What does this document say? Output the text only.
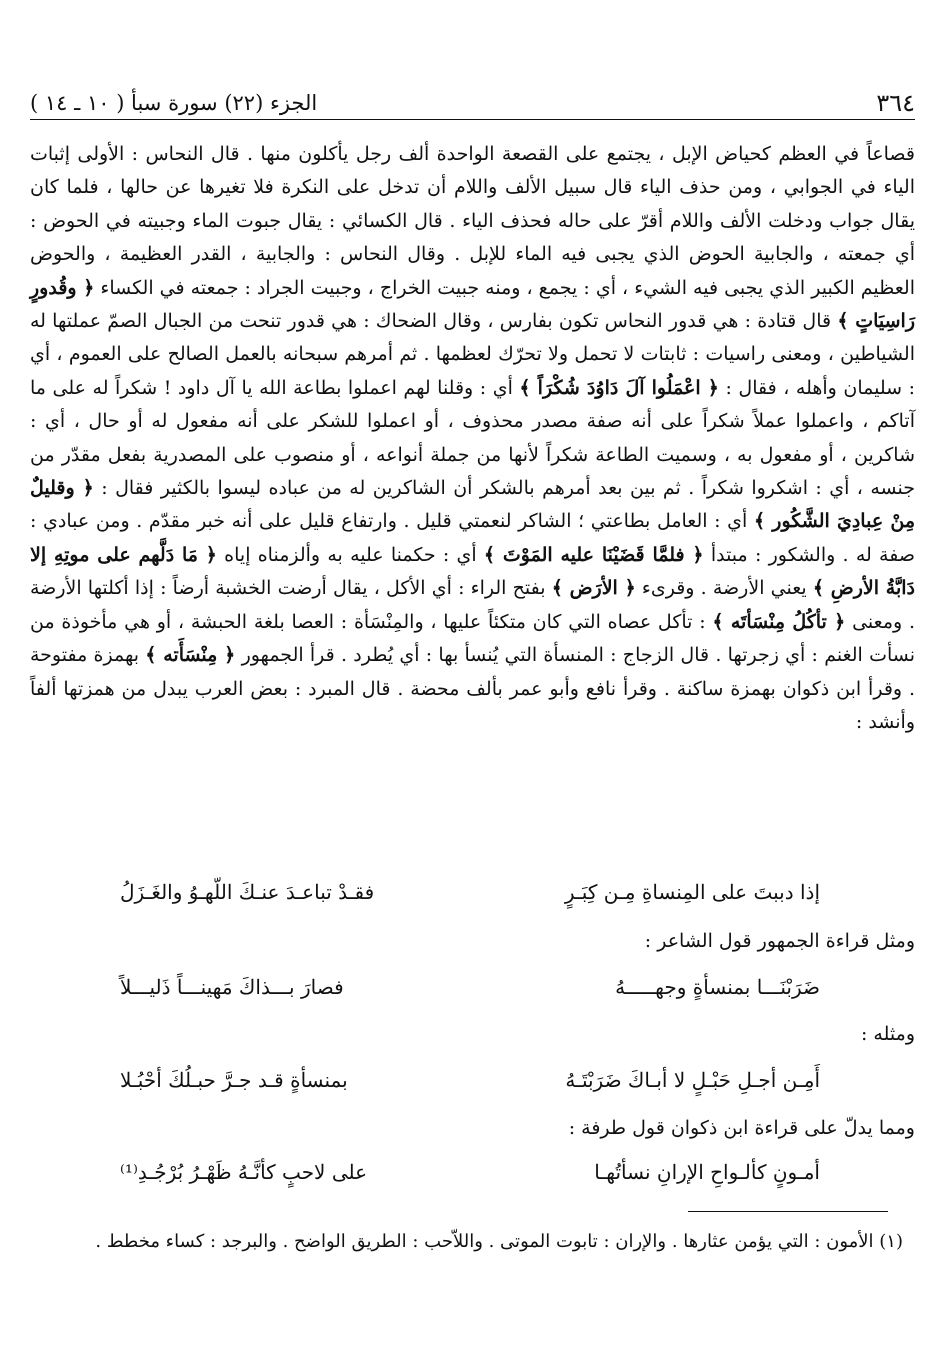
٣٦٤
الجزء (٢٢) سورة سبأ ( ١٠ ـ ١٤ )

قصاعاً في العظم كحياض الإبل ، يجتمع على القصعة الواحدة ألف رجل يأكلون منها . قال النحاس : الأولى إثبات الياء في الجوابي ، ومن حذف الياء قال سبيل الألف واللام أن تدخل على النكرة فلا تغيرها عن حالها ، فلما كان يقال جواب ودخلت الألف واللام أقرّ على حاله فحذف الياء . قال الكسائي : يقال جبوت الماء وجبيته في الحوض : أي جمعته ، والجابية الحوض الذي يجبى فيه الماء للإبل . وقال النحاس : والجابية ، القدر العظيمة ، والحوض العظيم الكبير الذي يجبى فيه الشيء ، أي : يجمع ، ومنه جبيت الخراج ، وجبيت الجراد : جمعته في الكساء ﴿ وقُدورٍ رَاسِيَاتٍ ﴾ قال قتادة : هي قدور النحاس تكون بفارس ، وقال الضحاك : هي قدور تنحت من الجبال الصمّ عملتها له الشياطين ، ومعنى راسيات : ثابتات لا تحمل ولا تحرّك لعظمها . ثم أمرهم سبحانه بالعمل الصالح على العموم ، أي : سليمان وأهله ، فقال : ﴿ اعْمَلُوا آلَ دَاوُدَ شُكْرَاً ﴾ أي : وقلنا لهم اعملوا بطاعة الله يا آل داود ! شكراً له على ما آتاكم ، واعملوا عملاً شكراً على أنه صفة مصدر محذوف ، أو اعملوا للشكر على أنه مفعول له أو حال ، أي : شاكرين ، أو مفعول به ، وسميت الطاعة شكراً لأنها من جملة أنواعه ، أو منصوب على المصدرية بفعل مقدّر من جنسه ، أي : اشكروا شكراً . ثم بين بعد أمرهم بالشكر أن الشاكرين له من عباده ليسوا بالكثير فقال : ﴿ وقليلٌ مِنْ عِبادِيَ الشَّكُور ﴾ أي : العامل بطاعتي ؛ الشاكر لنعمتي قليل . وارتفاع قليل على أنه خبر مقدّم . ومن عبادي : صفة له . والشكور : مبتدأ ﴿ فلمَّا قَضَيْنَا عليه المَوْتَ ﴾ أي : حكمنا عليه به وألزمناه إياه ﴿ مَا دَلَّهم على موتِهِ إلا دَابَّةُ الأرضِ ﴾ يعني الأرضة . وقرىء ﴿ الأرَض ﴾ بفتح الراء : أي الأكل ، يقال أرضت الخشبة أرضاً : إذا أكلتها الأرضة . ومعنى ﴿ تأكُلُ مِنْسَأتَه ﴾ : تأكل عصاه التي كان متكئاً عليها ، والمِنْسَأة : العصا بلغة الحبشة ، أو هي مأخوذة من نسأت الغنم : أي زجرتها . قال الزجاج : المنسأة التي يُنسأ بها : أي يُطرد . قرأ الجمهور ﴿ مِنْسَأَته ﴾ بهمزة مفتوحة . وقرأ ابن ذكوان بهمزة ساكنة . وقرأ نافع وأبو عمر بألف محضة . قال المبرد : بعض العرب يبدل من همزتها ألفاً وأنشد :

إذا دببتَ على المِنساةِ مِـن كِبَـرٍ
فقـدْ تباعـدَ عنـكَ اللّهـوُ والغَـزَلُ
ومثل قراءة الجمهور قول الشاعر :
ضَرَبْنَـــا بمنسأةٍ وجهـــــهُ
فصارَ بـــذاكَ مَهينـــاً ذَليـــلاً
ومثله :
أَمِـن أجـلِ حَبْـلٍ لا أبـاكَ ضَرَبْتَـهُ
بمنسأةٍ قـد جـرَّ حبـلُكَ أحْبُـلا
ومما يدلّ على قراءة ابن ذكوان قول طرفة :
أمـونٍ كألـواحِ الإرانِ نسأتُهـا
على لاحبٍ كأنَّـهُ ظَهْـرُ بُرْجُـدِ⁽¹⁾
(١) الأمون : التي يؤمن عثارها . والإران : تابوت الموتى . واللاّحب : الطريق الواضح . والبرجد : كساء مخطط .
